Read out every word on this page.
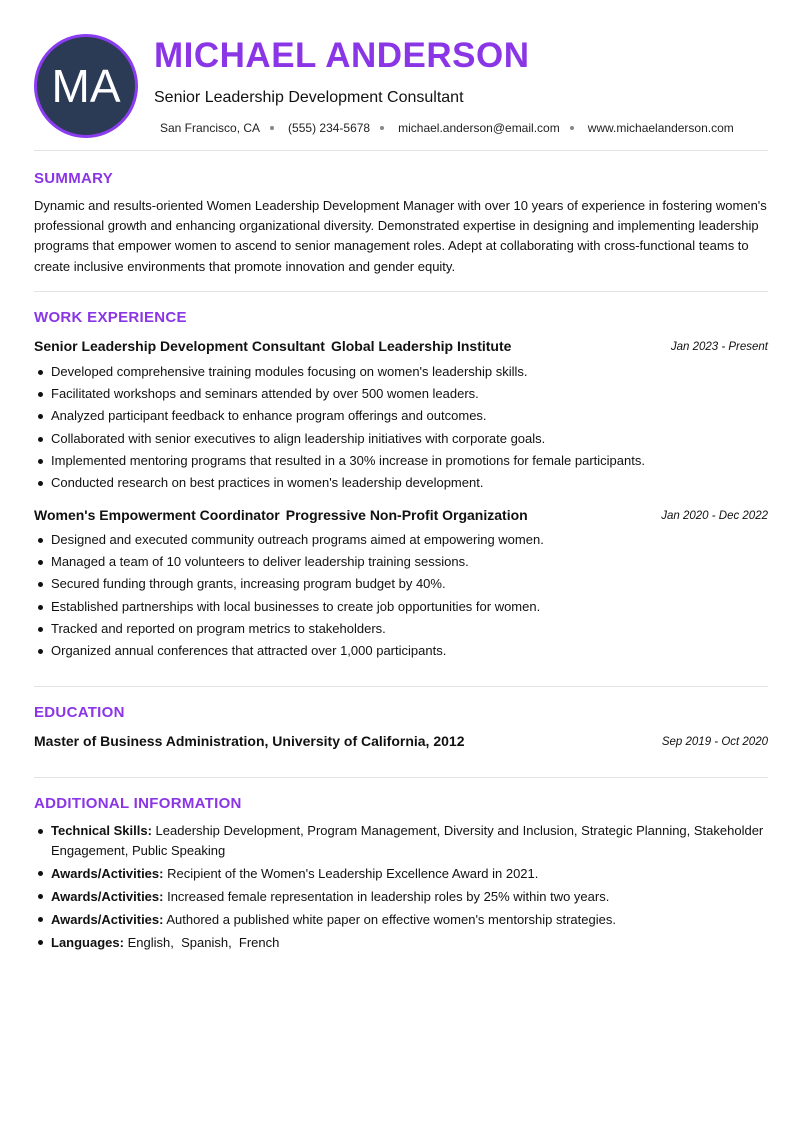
MA
MICHAEL ANDERSON
Senior Leadership Development Consultant
San Francisco, CA (555) 234-5678 michael.anderson@email.com www.michaelanderson.com
SUMMARY
Dynamic and results-oriented Women Leadership Development Manager with over 10 years of experience in fostering women's professional growth and enhancing organizational diversity. Demonstrated expertise in designing and implementing leadership programs that empower women to ascend to senior management roles. Adept at collaborating with cross-functional teams to create inclusive environments that promote innovation and gender equity.
WORK EXPERIENCE
Senior Leadership Development Consultant Global Leadership Institute	Jan 2023 - Present
Developed comprehensive training modules focusing on women's leadership skills.
Facilitated workshops and seminars attended by over 500 women leaders.
Analyzed participant feedback to enhance program offerings and outcomes.
Collaborated with senior executives to align leadership initiatives with corporate goals.
Implemented mentoring programs that resulted in a 30% increase in promotions for female participants.
Conducted research on best practices in women's leadership development.
Women's Empowerment Coordinator Progressive Non-Profit Organization	Jan 2020 - Dec 2022
Designed and executed community outreach programs aimed at empowering women.
Managed a team of 10 volunteers to deliver leadership training sessions.
Secured funding through grants, increasing program budget by 40%.
Established partnerships with local businesses to create job opportunities for women.
Tracked and reported on program metrics to stakeholders.
Organized annual conferences that attracted over 1,000 participants.
EDUCATION
Master of Business Administration, University of California, 2012	Sep 2019 - Oct 2020
ADDITIONAL INFORMATION
Technical Skills: Leadership Development, Program Management, Diversity and Inclusion, Strategic Planning, Stakeholder Engagement, Public Speaking
Awards/Activities: Recipient of the Women's Leadership Excellence Award in 2021.
Awards/Activities: Increased female representation in leadership roles by 25% within two years.
Awards/Activities: Authored a published white paper on effective women's mentorship strategies.
Languages: English,  Spanish,  French
